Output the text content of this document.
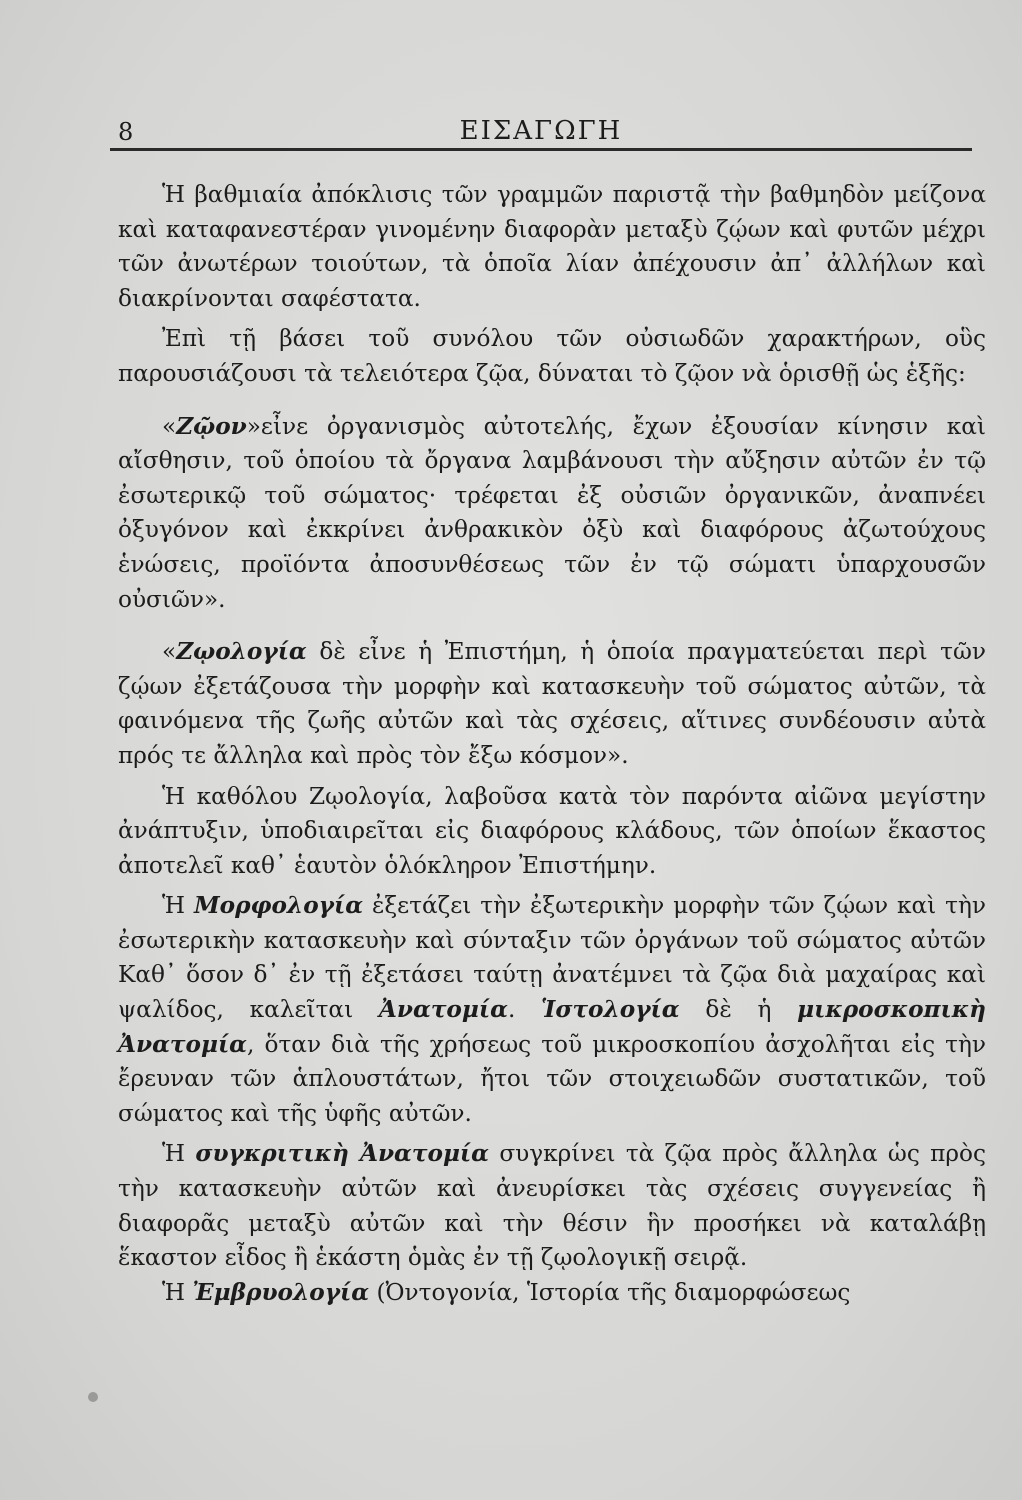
8	ΕΙΣΑΓΩΓΗ

Ἡ βαθμιαία ἀπόκλισις τῶν γραμμῶν παριστᾷ τὴν βαθμηδὸν μείζονα καὶ καταφανεστέραν γινομένην διαφορὰν μεταξὺ ζῴων καὶ φυτῶν μέχρι τῶν ἀνωτέρων τοιούτων, τὰ ὁποῖα λίαν ἀπέχουσιν ἀπ᾽ ἀλλήλων καὶ διακρίνονται σαφέστατα.

Ἐπὶ τῇ βάσει τοῦ συνόλου τῶν οὐσιωδῶν χαρακτήρων, οὓς παρουσιάζουσι τὰ τελειότερα ζῷα, δύναται τὸ ζῷον νὰ ὁρισθῇ ὡς ἑξῆς:

«Ζῷον»εἶνε ὀργανισμὸς αὐτοτελής, ἔχων ἐξουσίαν κίνησιν καὶ αἴσθησιν, τοῦ ὁποίου τὰ ὄργανα λαμβάνουσι τὴν αὔξησιν αὐτῶν ἐν τῷ ἐσωτερικῷ τοῦ σώματος· τρέφεται ἐξ οὐσιῶν ὀργανικῶν, ἀναπνέει ὀξυγόνον καὶ ἐκκρίνει ἀνθρακικὸν ὀξὺ καὶ διαφόρους ἀζωτούχους ἑνώσεις, προϊόντα ἀποσυνθέσεως τῶν ἐν τῷ σώματι ὑπαρχουσῶν οὐσιῶν».

«Ζῳολογία δὲ εἶνε ἡ Ἐπιστήμη, ἡ ὁποία πραγματεύεται περὶ τῶν ζῴων ἐξετάζουσα τὴν μορφὴν καὶ κατασκευὴν τοῦ σώματος αὐτῶν, τὰ φαινόμενα τῆς ζωῆς αὐτῶν καὶ τὰς σχέσεις, αἵτινες συνδέουσιν αὐτὰ πρός τε ἄλληλα καὶ πρὸς τὸν ἔξω κόσμον».

Ἡ καθόλου Ζῳολογία, λαβοῦσα κατὰ τὸν παρόντα αἰῶνα μεγίστην ἀνάπτυξιν, ὑποδιαιρεῖται εἰς διαφόρους κλάδους, τῶν ὁποίων ἕκαστος ἀποτελεῖ καθ᾽ ἑαυτὸν ὁλόκληρον Ἐπιστήμην.

Ἡ Μορφολογία ἐξετάζει τὴν ἐξωτερικὴν μορφὴν τῶν ζῴων καὶ τὴν ἐσωτερικὴν κατασκευὴν καὶ σύνταξιν τῶν ὀργάνων τοῦ σώματος αὐτῶν Καθ᾽ ὅσον δ᾽ ἐν τῇ ἐξετάσει ταύτῃ ἀνατέμνει τὰ ζῷα διὰ μαχαίρας καὶ ψαλίδος, καλεῖται Ἀνατομία. Ἱστολογία δὲ ἡ μικροσκοπικὴ Ἀνατομία, ὅταν διὰ τῆς χρήσεως τοῦ μικροσκοπίου ἀσχολῆται εἰς τὴν ἔρευναν τῶν ἁπλουστάτων, ἤτοι τῶν στοιχειωδῶν συστατικῶν, τοῦ σώματος καὶ τῆς ὑφῆς αὐτῶν.

Ἡ συγκριτικὴ Ἀνατομία συγκρίνει τὰ ζῷα πρὸς ἄλληλα ὡς πρὸς τὴν κατασκευὴν αὐτῶν καὶ ἀνευρίσκει τὰς σχέσεις συγγενείας ἢ διαφορᾶς μεταξὺ αὐτῶν καὶ τὴν θέσιν ἣν προσήκει νὰ καταλάβῃ ἕκαστον εἶδος ἢ ἑκάστη ὁμὰς ἐν τῇ ζῳολογικῇ σειρᾷ.

Ἡ Ἐμβρυολογία (Ὀντογονία, Ἱστορία τῆς διαμορφώσεως
